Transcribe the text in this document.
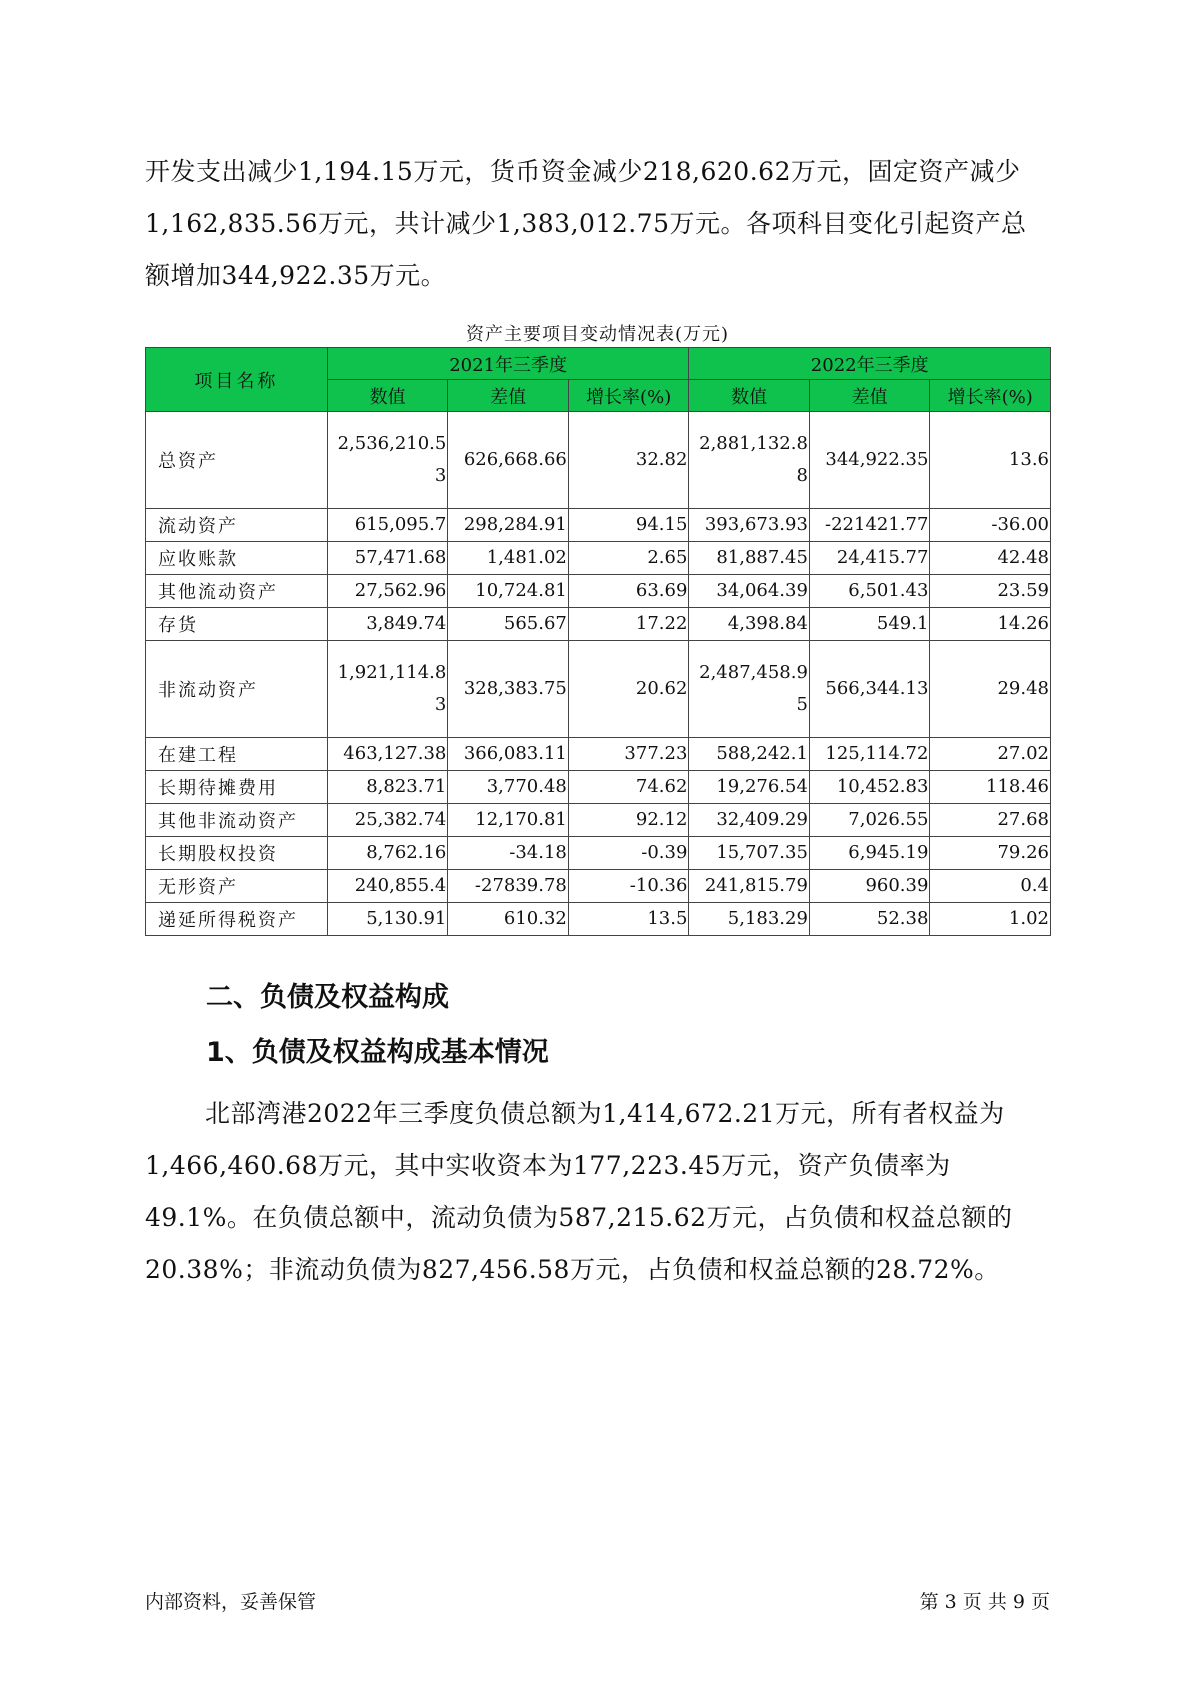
开发支出减少1,194.15万元，货币资金减少218,620.62万元，固定资产减少1,162,835.56万元，共计减少1,383,012.75万元。各项科目变化引起资产总额增加344,922.35万元。

资产主要项目变动情况表(万元)
项目名称	2021年三季度			2022年三季度		
	数值	差值	增长率(%)	数值	差值	增长率(%)
总资产	2,536,210.53	626,668.66	32.82	2,881,132.88	344,922.35	13.6
流动资产	615,095.7	298,284.91	94.15	393,673.93	-221421.77	-36.00
应收账款	57,471.68	1,481.02	2.65	81,887.45	24,415.77	42.48
其他流动资产	27,562.96	10,724.81	63.69	34,064.39	6,501.43	23.59
存货	3,849.74	565.67	17.22	4,398.84	549.1	14.26
非流动资产	1,921,114.83	328,383.75	20.62	2,487,458.95	566,344.13	29.48
在建工程	463,127.38	366,083.11	377.23	588,242.1	125,114.72	27.02
长期待摊费用	8,823.71	3,770.48	74.62	19,276.54	10,452.83	118.46
其他非流动资产	25,382.74	12,170.81	92.12	32,409.29	7,026.55	27.68
长期股权投资	8,762.16	-34.18	-0.39	15,707.35	6,945.19	79.26
无形资产	240,855.4	-27839.78	-10.36	241,815.79	960.39	0.4
递延所得税资产	5,130.91	610.32	13.5	5,183.29	52.38	1.02
二、负债及权益构成
1、负债及权益构成基本情况

北部湾港2022年三季度负债总额为1,414,672.21万元，所有者权益为1,466,460.68万元，其中实收资本为177,223.45万元，资产负债率为49.1%。在负债总额中，流动负债为587,215.62万元，占负债和权益总额的20.38%；非流动负债为827,456.58万元，占负债和权益总额的28.72%。

内部资料，妥善保管	第 3 页 共 9 页
